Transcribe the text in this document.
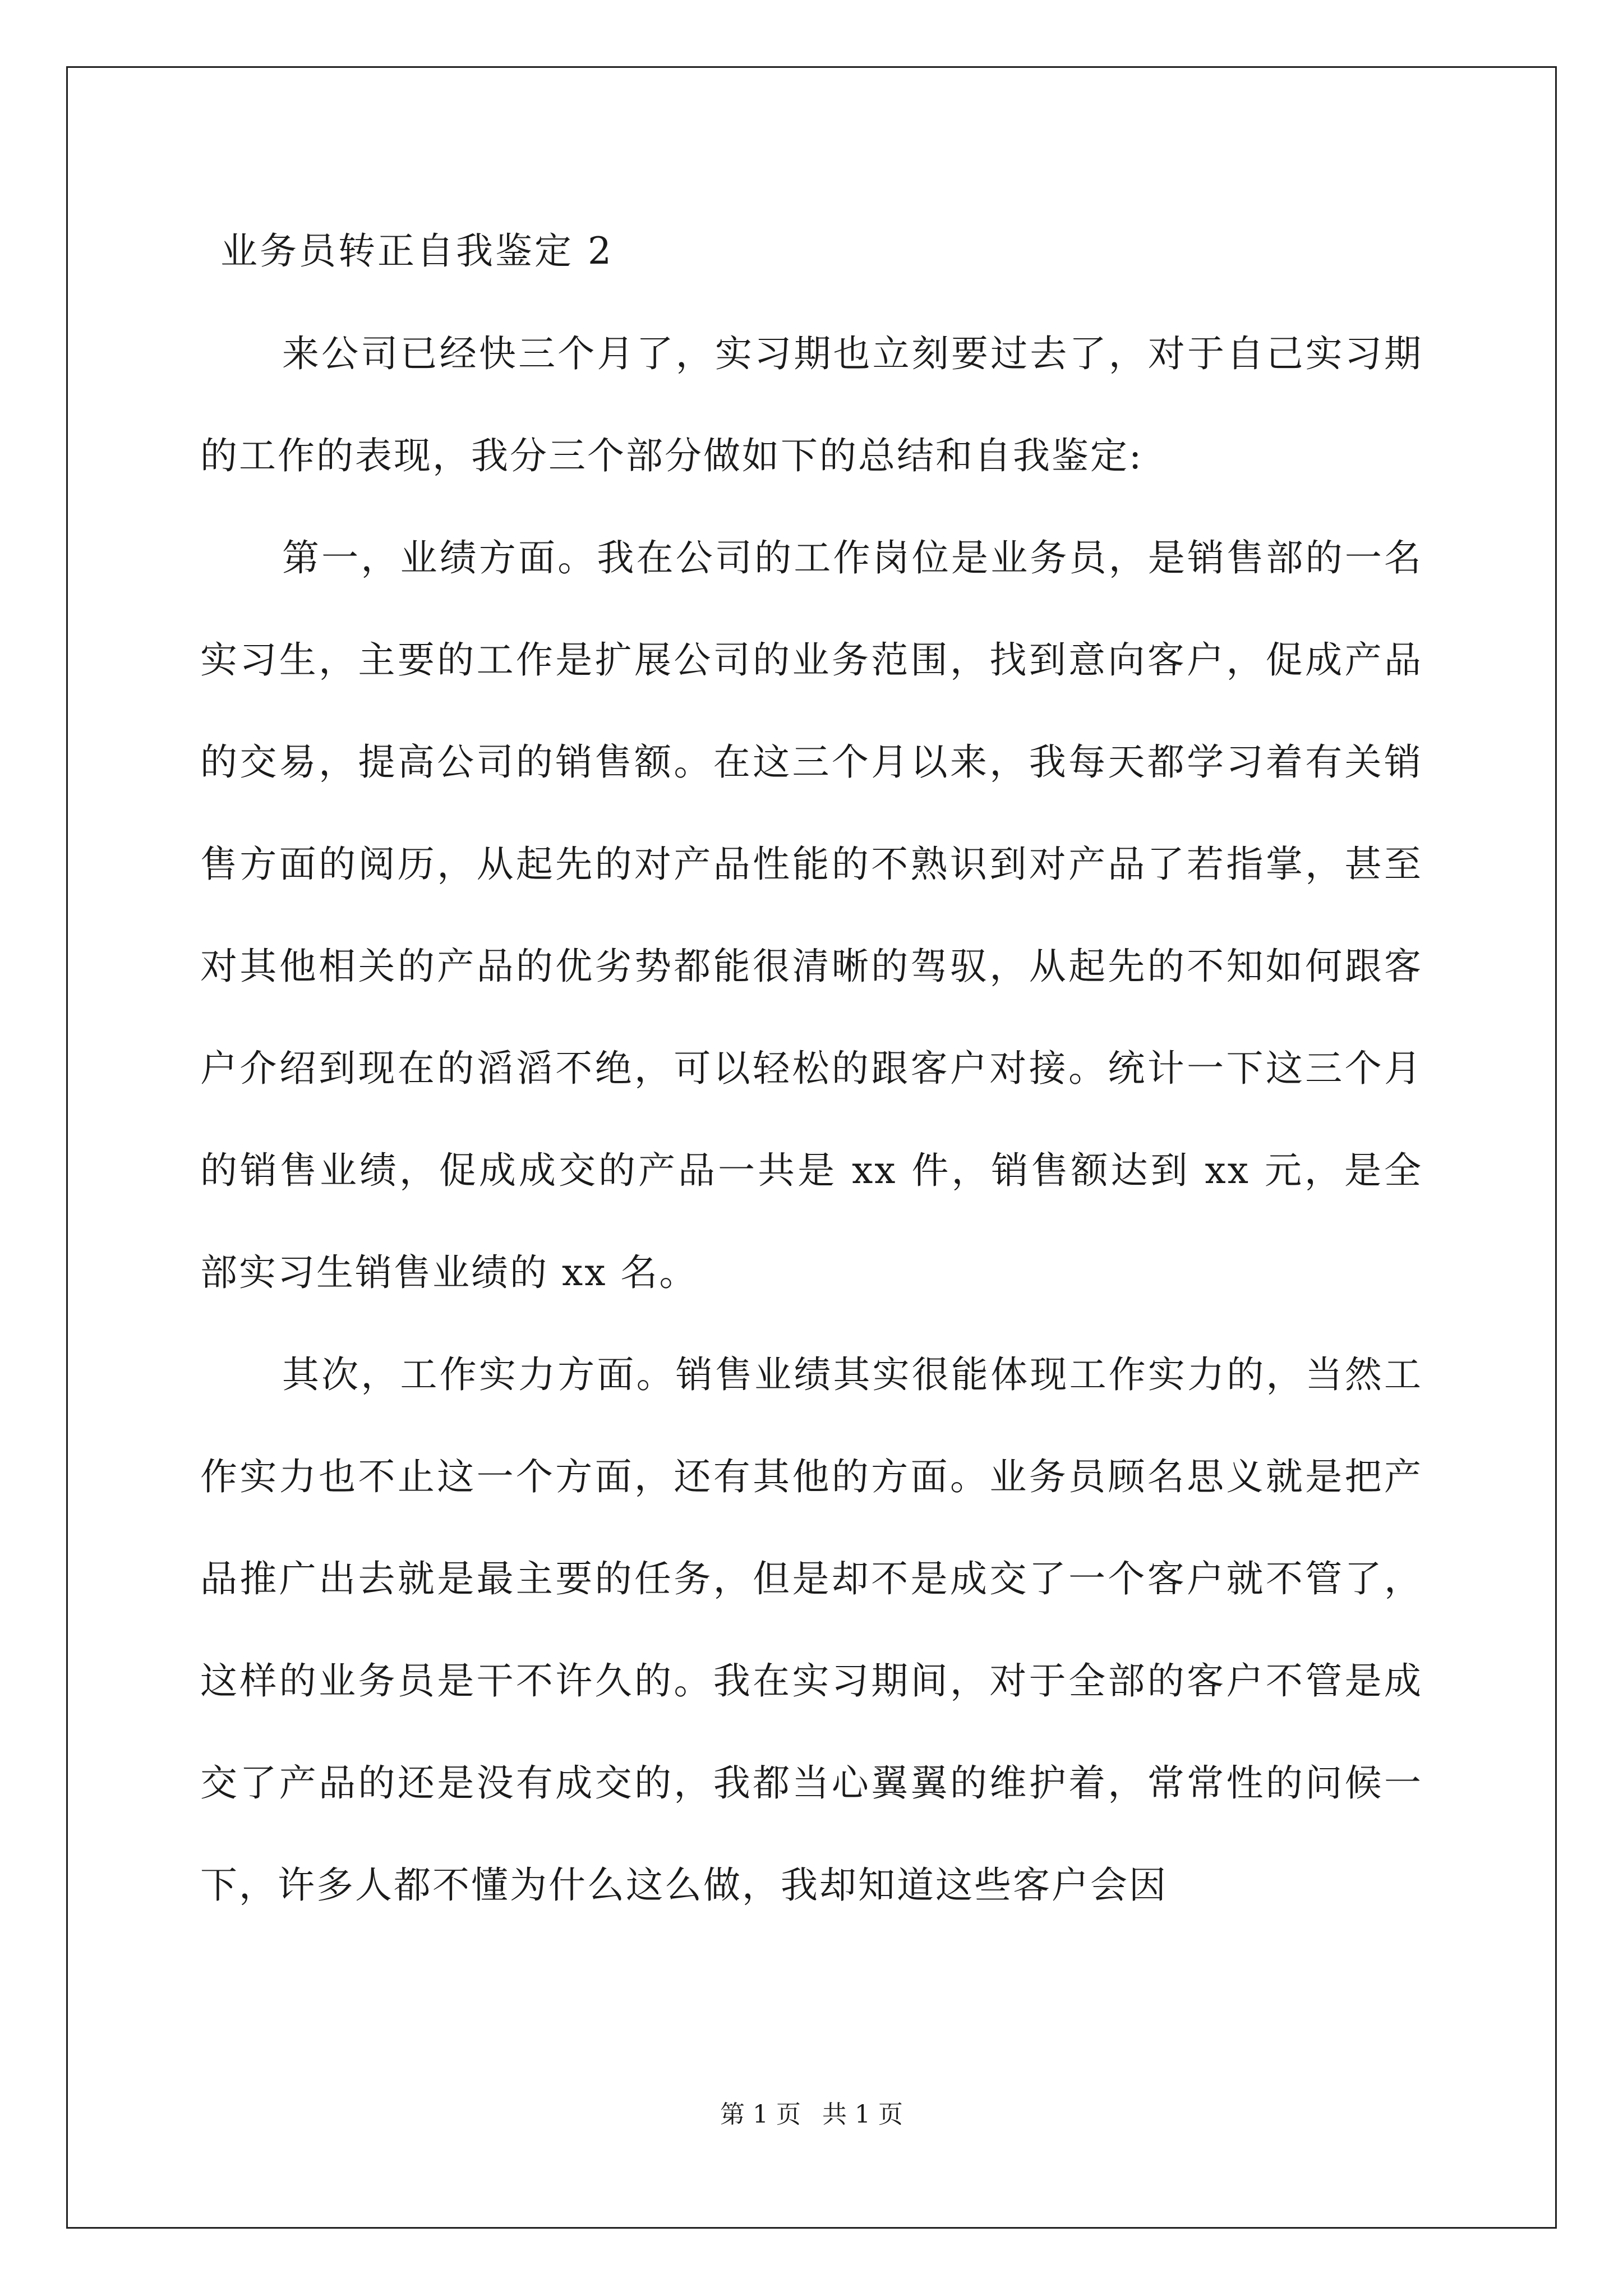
业务员转正自我鉴定 2

来公司已经快三个月了，实习期也立刻要过去了，对于自己实习期的工作的表现，我分三个部分做如下的总结和自我鉴定:

第一，业绩方面。我在公司的工作岗位是业务员，是销售部的一名实习生，主要的工作是扩展公司的业务范围，找到意向客户，促成产品的交易，提高公司的销售额。在这三个月以来，我每天都学习着有关销售方面的阅历，从起先的对产品性能的不熟识到对产品了若指掌，甚至对其他相关的产品的优劣势都能很清晰的驾驭，从起先的不知如何跟客户介绍到现在的滔滔不绝，可以轻松的跟客户对接。统计一下这三个月的销售业绩，促成成交的产品一共是 xx 件，销售额达到 xx 元，是全部实习生销售业绩的 xx 名。

其次，工作实力方面。销售业绩其实很能体现工作实力的，当然工作实力也不止这一个方面，还有其他的方面。业务员顾名思义就是把产品推广出去就是最主要的任务，但是却不是成交了一个客户就不管了，这样的业务员是干不许久的。我在实习期间，对于全部的客户不管是成交了产品的还是没有成交的，我都当心翼翼的维护着，常常性的问候一下，许多人都不懂为什么这么做，我却知道这些客户会因

第 1 页 共 1 页
